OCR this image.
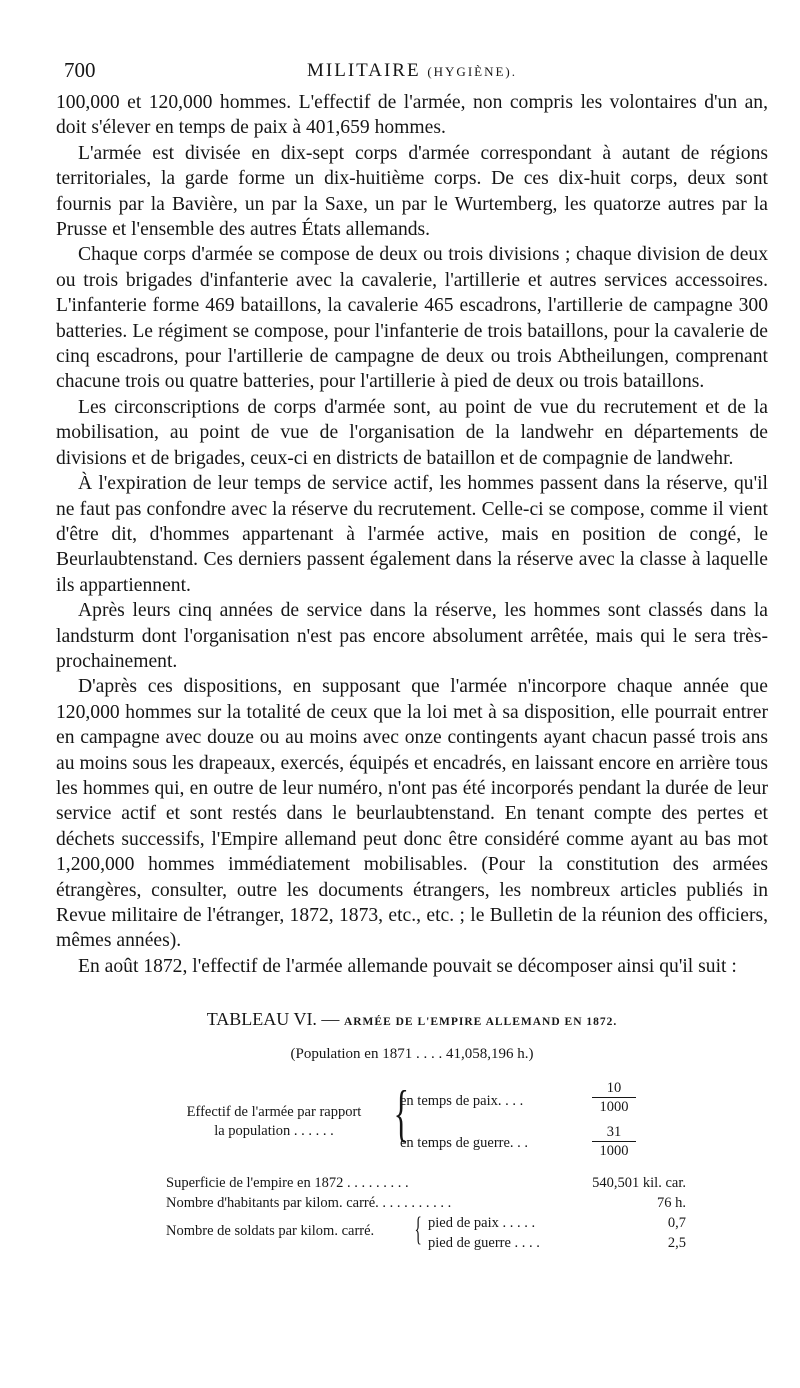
700	MILITAIRE (HYGIÈNE).

100,000 et 120,000 hommes. L'effectif de l'armée, non compris les volontaires d'un an, doit s'élever en temps de paix à 401,659 hommes.

L'armée est divisée en dix-sept corps d'armée correspondant à autant de régions territoriales, la garde forme un dix-huitième corps. De ces dix-huit corps, deux sont fournis par la Bavière, un par la Saxe, un par le Wurtemberg, les quatorze autres par la Prusse et l'ensemble des autres États allemands.

Chaque corps d'armée se compose de deux ou trois divisions ; chaque division de deux ou trois brigades d'infanterie avec la cavalerie, l'artillerie et autres services accessoires. L'infanterie forme 469 bataillons, la cavalerie 465 escadrons, l'artillerie de campagne 300 batteries. Le régiment se compose, pour l'infanterie de trois bataillons, pour la cavalerie de cinq escadrons, pour l'artillerie de campagne de deux ou trois Abtheilungen, comprenant chacune trois ou quatre batteries, pour l'artillerie à pied de deux ou trois bataillons.

Les circonscriptions de corps d'armée sont, au point de vue du recrutement et de la mobilisation, au point de vue de l'organisation de la landwehr en départements de divisions et de brigades, ceux-ci en districts de bataillon et de compagnie de landwehr.

À l'expiration de leur temps de service actif, les hommes passent dans la réserve, qu'il ne faut pas confondre avec la réserve du recrutement. Celle-ci se compose, comme il vient d'être dit, d'hommes appartenant à l'armée active, mais en position de congé, le Beurlaubtenstand. Ces derniers passent également dans la réserve avec la classe à laquelle ils appartiennent.

Après leurs cinq années de service dans la réserve, les hommes sont classés dans la landsturm dont l'organisation n'est pas encore absolument arrêtée, mais qui le sera très-prochainement.

D'après ces dispositions, en supposant que l'armée n'incorpore chaque année que 120,000 hommes sur la totalité de ceux que la loi met à sa disposition, elle pourrait entrer en campagne avec douze ou au moins avec onze contingents ayant chacun passé trois ans au moins sous les drapeaux, exercés, équipés et encadrés, en laissant encore en arrière tous les hommes qui, en outre de leur numéro, n'ont pas été incorporés pendant la durée de leur service actif et sont restés dans le beurlaubtenstand. En tenant compte des pertes et déchets successifs, l'Empire allemand peut donc être considéré comme ayant au bas mot 1,200,000 hommes immédiatement mobilisables. (Pour la constitution des armées étrangères, consulter, outre les documents étrangers, les nombreux articles publiés in Revue militaire de l'étranger, 1872, 1873, etc., etc. ; le Bulletin de la réunion des officiers, mêmes années).

En août 1872, l'effectif de l'armée allemande pouvait se décomposer ainsi qu'il suit :

TABLEAU VI. — ARMÉE DE L'EMPIRE ALLEMAND EN 1872.
(Population en 1871 . . . . 41,058,196 h.)
Effectif de l'armée par rapport
la population . . . . . . {
en temps de paix. . . .	$\frac{10}{1000}$
en temps de guerre. . .	$\frac{31}{1000}$
Superficie de l'empire en 1872 . . . . . . . . .	540,501 kil. car.
Nombre d'habitants par kilom. carré. . . . . . . . . . .	76 h.
Nombre de soldats par kilom. carré. { pied de paix . . . . .	0,7
pied de guerre . . . .	2,5
